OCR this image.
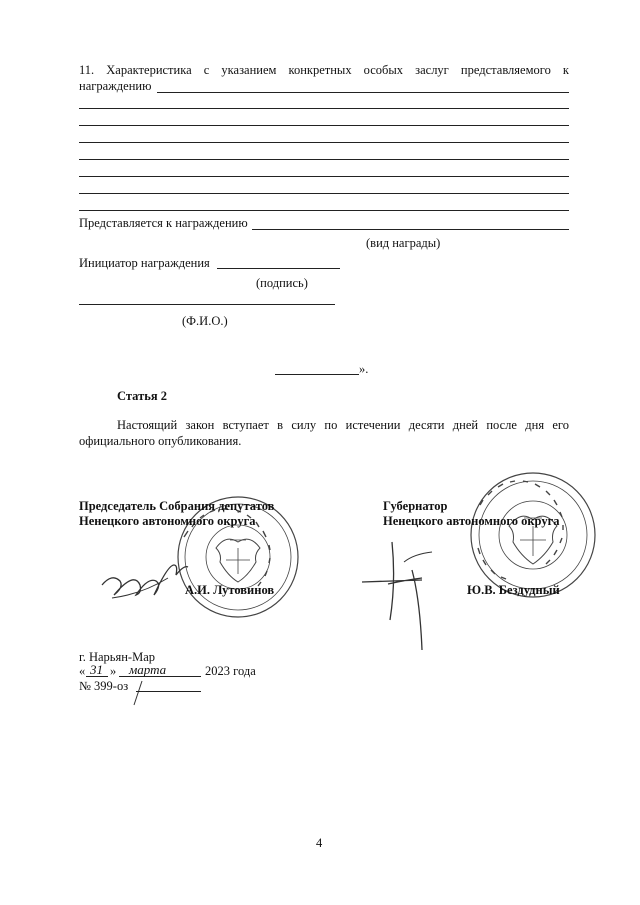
11. Характеристика с указанием конкретных особых заслуг представляемого к
награждению
Представляется к награждению
(вид награды)
Инициатор награждения
(подпись)
(Ф.И.О.)
».
Статья 2
Настоящий закон вступает в силу по истечении десяти дней после дня его
официального опубликования.
Председатель Собрания депутатов
Ненецкого автономного округа
А.И. Лутовинов
Губернатор
Ненецкого автономного округа
Ю.В. Бездудный
г. Нарьян-Мар
« 31 » марта	2023 года
№ 399-оз
4
